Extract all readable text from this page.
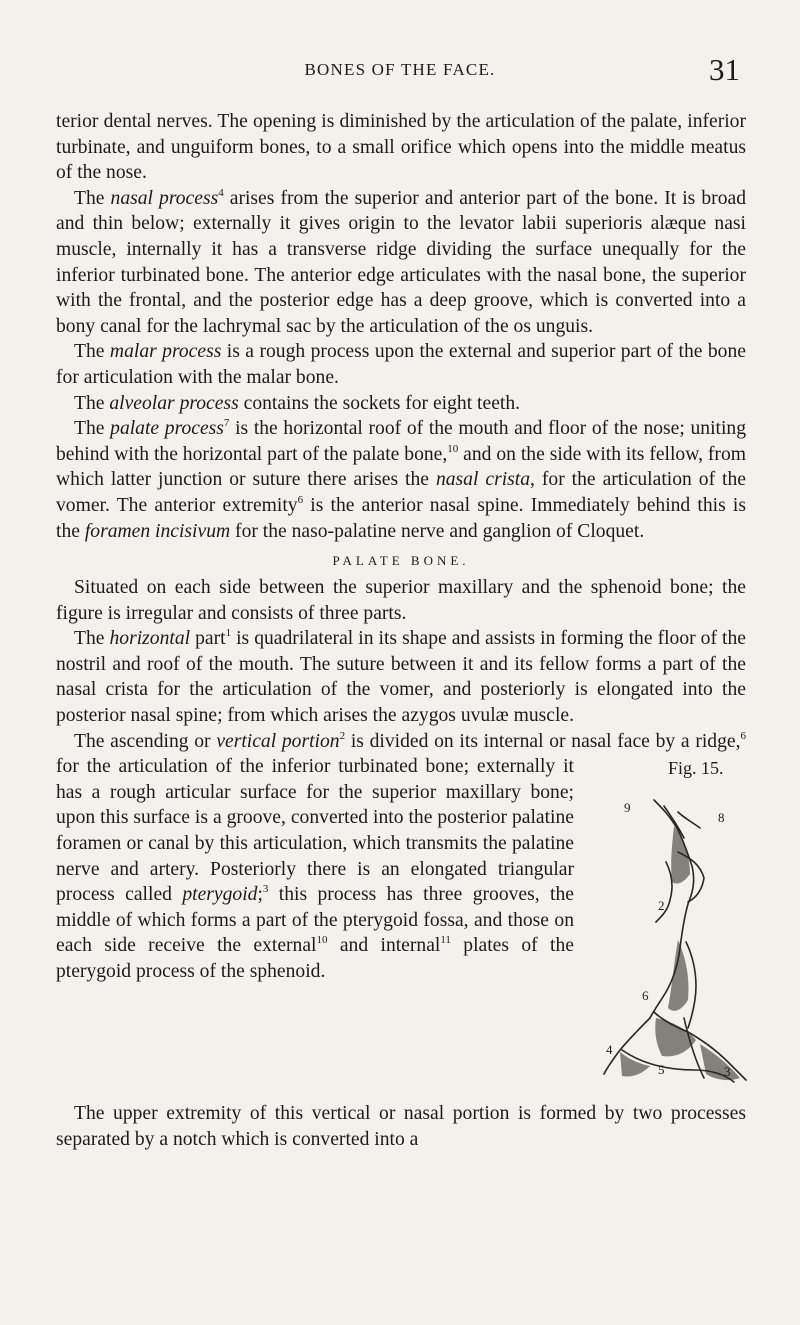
BONES OF THE FACE.	31

terior dental nerves. The opening is diminished by the articulation of the palate, inferior turbinate, and unguiform bones, to a small orifice which opens into the middle meatus of the nose.

The nasal process$^4$ arises from the superior and anterior part of the bone. It is broad and thin below; externally it gives origin to the levator labii superioris alæque nasi muscle, internally it has a transverse ridge dividing the surface unequally for the inferior turbinated bone. The anterior edge articulates with the nasal bone, the superior with the frontal, and the posterior edge has a deep groove, which is converted into a bony canal for the lachrymal sac by the articulation of the os unguis.

The malar process is a rough process upon the external and superior part of the bone for articulation with the malar bone.

The alveolar process contains the sockets for eight teeth.

The palate process$^7$ is the horizontal roof of the mouth and floor of the nose; uniting behind with the horizontal part of the palate bone,$^{10}$ and on the side with its fellow, from which latter junction or suture there arises the nasal crista, for the articulation of the vomer. The anterior extremity$^6$ is the anterior nasal spine. Immediately behind this is the foramen incisivum for the naso-palatine nerve and ganglion of Cloquet.

PALATE BONE.

Situated on each side between the superior maxillary and the sphenoid bone; the figure is irregular and consists of three parts.

The horizontal part$^1$ is quadrilateral in its shape and assists in forming the floor of the nostril and roof of the mouth. The suture between it and its fellow forms a part of the nasal crista for the articulation of the vomer, and posteriorly is elongated into the posterior nasal spine; from which arises the azygos uvulæ muscle.

The ascending or vertical portion$^2$ is divided on its internal or nasal face by a ridge,
Fig. 15.
9
8
2
6
4
5	3
$^6$ for the articulation of the inferior turbinated bone; externally it has a rough articular surface for the superior maxillary bone; upon this surface is a groove, converted into the posterior palatine foramen or canal by this articulation, which transmits the palatine nerve and artery. Posteriorly there is an elongated triangular process called pterygoid;$^3$ this process has three grooves, the middle of which forms a part of the pterygoid fossa, and those on each side receive the external$^{10}$ and internal$^{11}$ plates of the pterygoid process of the sphenoid.

The upper extremity of this vertical or nasal portion is formed by two processes separated by a notch which is converted into a
